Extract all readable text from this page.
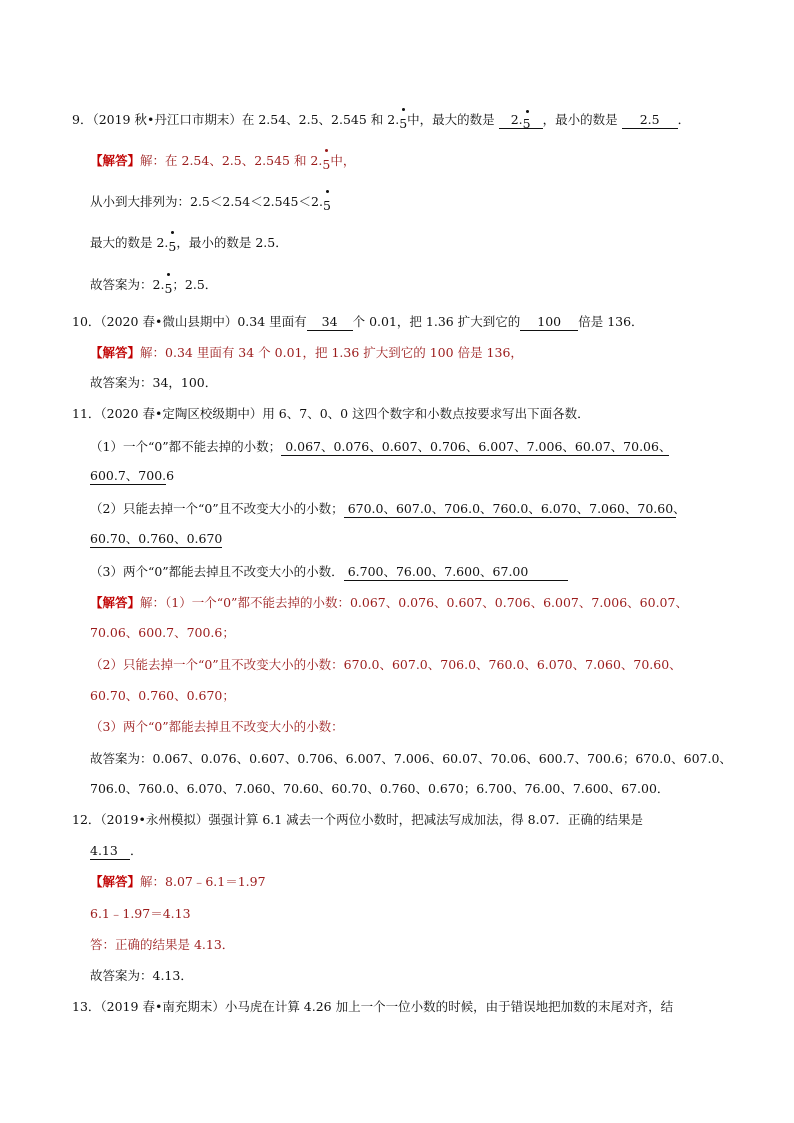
9．（2019 秋•丹江口市期末）在 2.54、2.5、2.545 和 2.
5中，最大的数是 2.
5 ，最小的数是 2.5 ．
【解答】解：在 2.54、2.5、2.545 和 2.
5中，
从小到大排列为：2.5＜2.54＜2.545＜2.
5
最大的数是 2.
5，最小的数是 2.5．
故答案为：2.
5；2.5．
10．（2020 春•微山县期中）0.34 里面有 34 个 0.01，把 1.36 扩大到它的 100 倍是 136．
【解答】解：0.34 里面有 34 个 0.01，把 1.36 扩大到它的 100 倍是 136，
故答案为：34，100．
11．（2020 春•定陶区校级期中）用 6、7、0、0 这四个数字和小数点按要求写出下面各数．
（1）一个“0”都不能去掉的小数； 0.067、0.076、0.607、0.706、6.007、7.006、60.07、70.06、
600.7、700.6
（2）只能去掉一个“0”且不改变大小的小数； 670.0、607.0、706.0、760.0、6.070、7.060、70.60、
60.70、0.760、0.670
（3）两个“0”都能去掉且不改变大小的小数． 6.700、76.00、7.600、67.00
【解答】解：（1）一个“0”都不能去掉的小数：0.067、0.076、0.607、0.706、6.007、7.006、60.07、
70.06、600.7、700.6；
（2）只能去掉一个“0”且不改变大小的小数：670.0、607.0、706.0、760.0、6.070、7.060、70.60、
60.70、0.760、0.670；
（3）两个“0”都能去掉且不改变大小的小数：
故答案为：0.067、0.076、0.607、0.706、6.007、7.006、60.07、70.06、600.7、700.6；670.0、607.0、
706.0、760.0、6.070、7.060、70.60、60.70、0.760、0.670；6.700、76.00、7.600、67.00．
12．（2019•永州模拟）强强计算 6.1 减去一个两位小数时，把减法写成加法，得 8.07．正确的结果是
4.13 ．
【解答】解：8.07﹣6.1＝1.97
6.1﹣1.97＝4.13
答：正确的结果是 4.13．
故答案为：4.13．
13．（2019 春•南充期末）小马虎在计算 4.26 加上一个一位小数的时候，由于错误地把加数的末尾对齐，结
